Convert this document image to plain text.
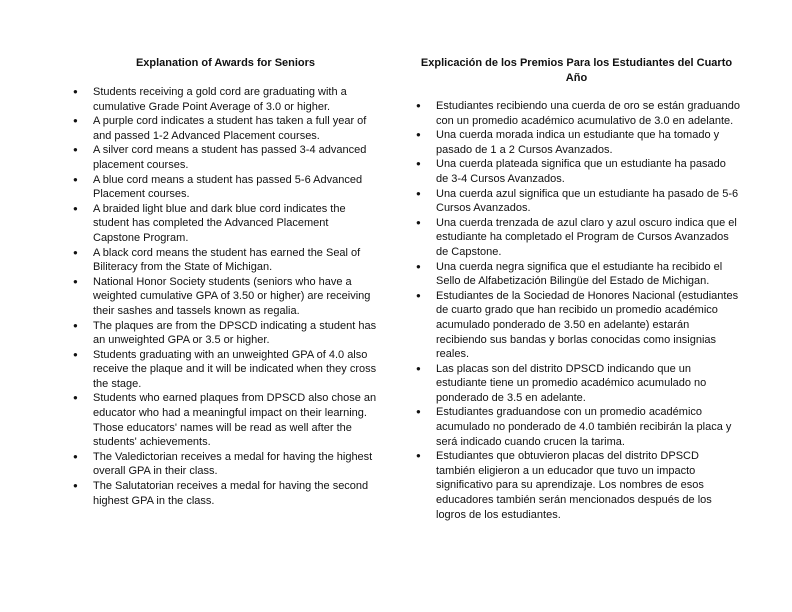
Explanation of Awards for Seniors
● Students receiving a gold cord are graduating with a cumulative Grade Point Average of 3.0 or higher.
● A purple cord indicates a student has taken a full year of and passed 1-2 Advanced Placement courses.
● A silver cord means a student has passed 3-4 advanced placement courses.
● A blue cord means a student has passed 5-6 Advanced Placement courses.
● A braided light blue and dark blue cord indicates the student has completed the Advanced Placement Capstone Program.
● A black cord means the student has earned the Seal of Biliteracy from the State of Michigan.
● National Honor Society students (seniors who have a weighted cumulative GPA of 3.50 or higher) are receiving their sashes and tassels known as regalia.
● The plaques are from the DPSCD indicating a student has an unweighted GPA or 3.5 or higher.
● Students graduating with an unweighted GPA of 4.0 also receive the plaque and it will be indicated when they cross the stage.
● Students who earned plaques from DPSCD also chose an educator who had a meaningful impact on their learning. Those educators' names will be read as well after the students' achievements.
● The Valedictorian receives a medal for having the highest overall GPA in their class.
● The Salutatorian receives a medal for having the second highest GPA in the class.
Explicación de los Premios Para los Estudiantes del Cuarto Año
● Estudiantes recibiendo una cuerda de oro se están graduando con un promedio académico acumulativo de 3.0 en adelante.
● Una cuerda morada indica un estudiante que ha tomado y pasado de 1 a 2 Cursos Avanzados.
● Una cuerda plateada significa que un estudiante ha pasado de 3-4 Cursos Avanzados.
● Una cuerda azul significa que un estudiante ha pasado de 5-6 Cursos Avanzados.
● Una cuerda trenzada de azul claro y azul oscuro indica que el estudiante ha completado el Program de Cursos Avanzados de Capstone.
● Una cuerda negra significa que el estudiante ha recibido el Sello de Alfabetización Bilingüe del Estado de Michigan.
● Estudiantes de la Sociedad de Honores Nacional (estudiantes de cuarto grado que han recibido un promedio académico acumulado ponderado de 3.50 en adelante) estarán recibiendo sus bandas y borlas conocidas como insignias reales.
● Las placas son del distrito DPSCD indicando que un estudiante tiene un promedio académico acumulado no ponderado de 3.5 en adelante.
● Estudiantes graduandose con un promedio académico acumulado no ponderado de 4.0 también recibirán la placa y será indicado cuando crucen la tarima.
● Estudiantes que obtuvieron placas del distrito DPSCD también eligieron a un educador que tuvo un impacto significativo para su aprendizaje. Los nombres de esos educadores también serán mencionados después de los logros de los estudiantes.
